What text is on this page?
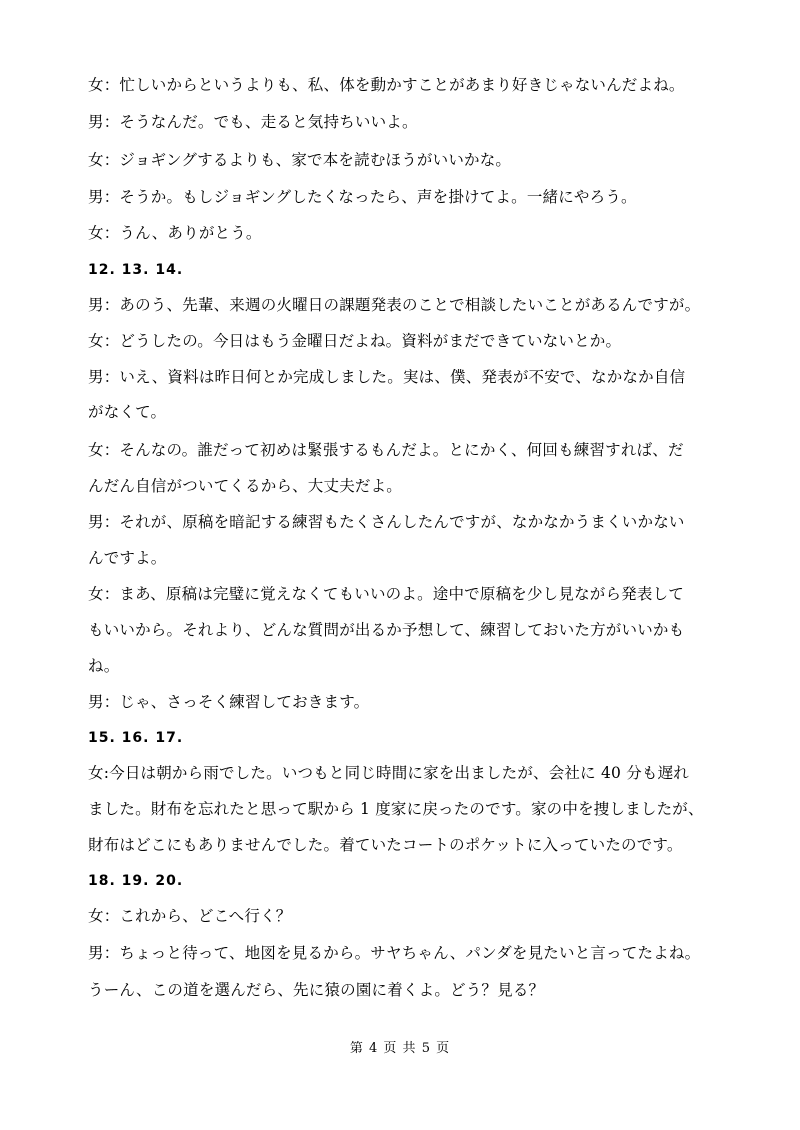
女：忙しいからというよりも、私、体を動かすことがあまり好きじゃないんだよね。
男：そうなんだ。でも、走ると気持ちいいよ。
女：ジョギングするよりも、家で本を読むほうがいいかな。
男：そうか。もしジョギングしたくなったら、声を掛けてよ。一緒にやろう。
女：うん、ありがとう。
12. 13. 14.
男：あのう、先輩、来週の火曜日の課題発表のことで相談したいことがあるんですが。
女：どうしたの。今日はもう金曜日だよね。資料がまだできていないとか。
男：いえ、資料は昨日何とか完成しました。実は、僕、発表が不安で、なかなか自信
がなくて。
女：そんなの。誰だって初めは緊張するもんだよ。とにかく、何回も練習すれば、だ
んだん自信がついてくるから、大丈夫だよ。
男：それが、原稿を暗記する練習もたくさんしたんですが、なかなかうまくいかない
んですよ。
女：まあ、原稿は完璧に覚えなくてもいいのよ。途中で原稿を少し見ながら発表して
もいいから。それより、どんな質問が出るか予想して、練習しておいた方がいいかも
ね。
男：じゃ、さっそく練習しておきます。
15. 16. 17.
女:今日は朝から雨でした。いつもと同じ時間に家を出ましたが、会社に 40 分も遅れ
ました。財布を忘れたと思って駅から 1 度家に戻ったのです。家の中を捜しましたが、
財布はどこにもありませんでした。着ていたコートのポケットに入っていたのです。
18. 19. 20.
女：これから、どこへ行く？
男：ちょっと待って、地図を見るから。サヤちゃん、パンダを見たいと言ってたよね。
うーん、この道を選んだら、先に猿の園に着くよ。どう？見る？
第 4 页 共 5 页
